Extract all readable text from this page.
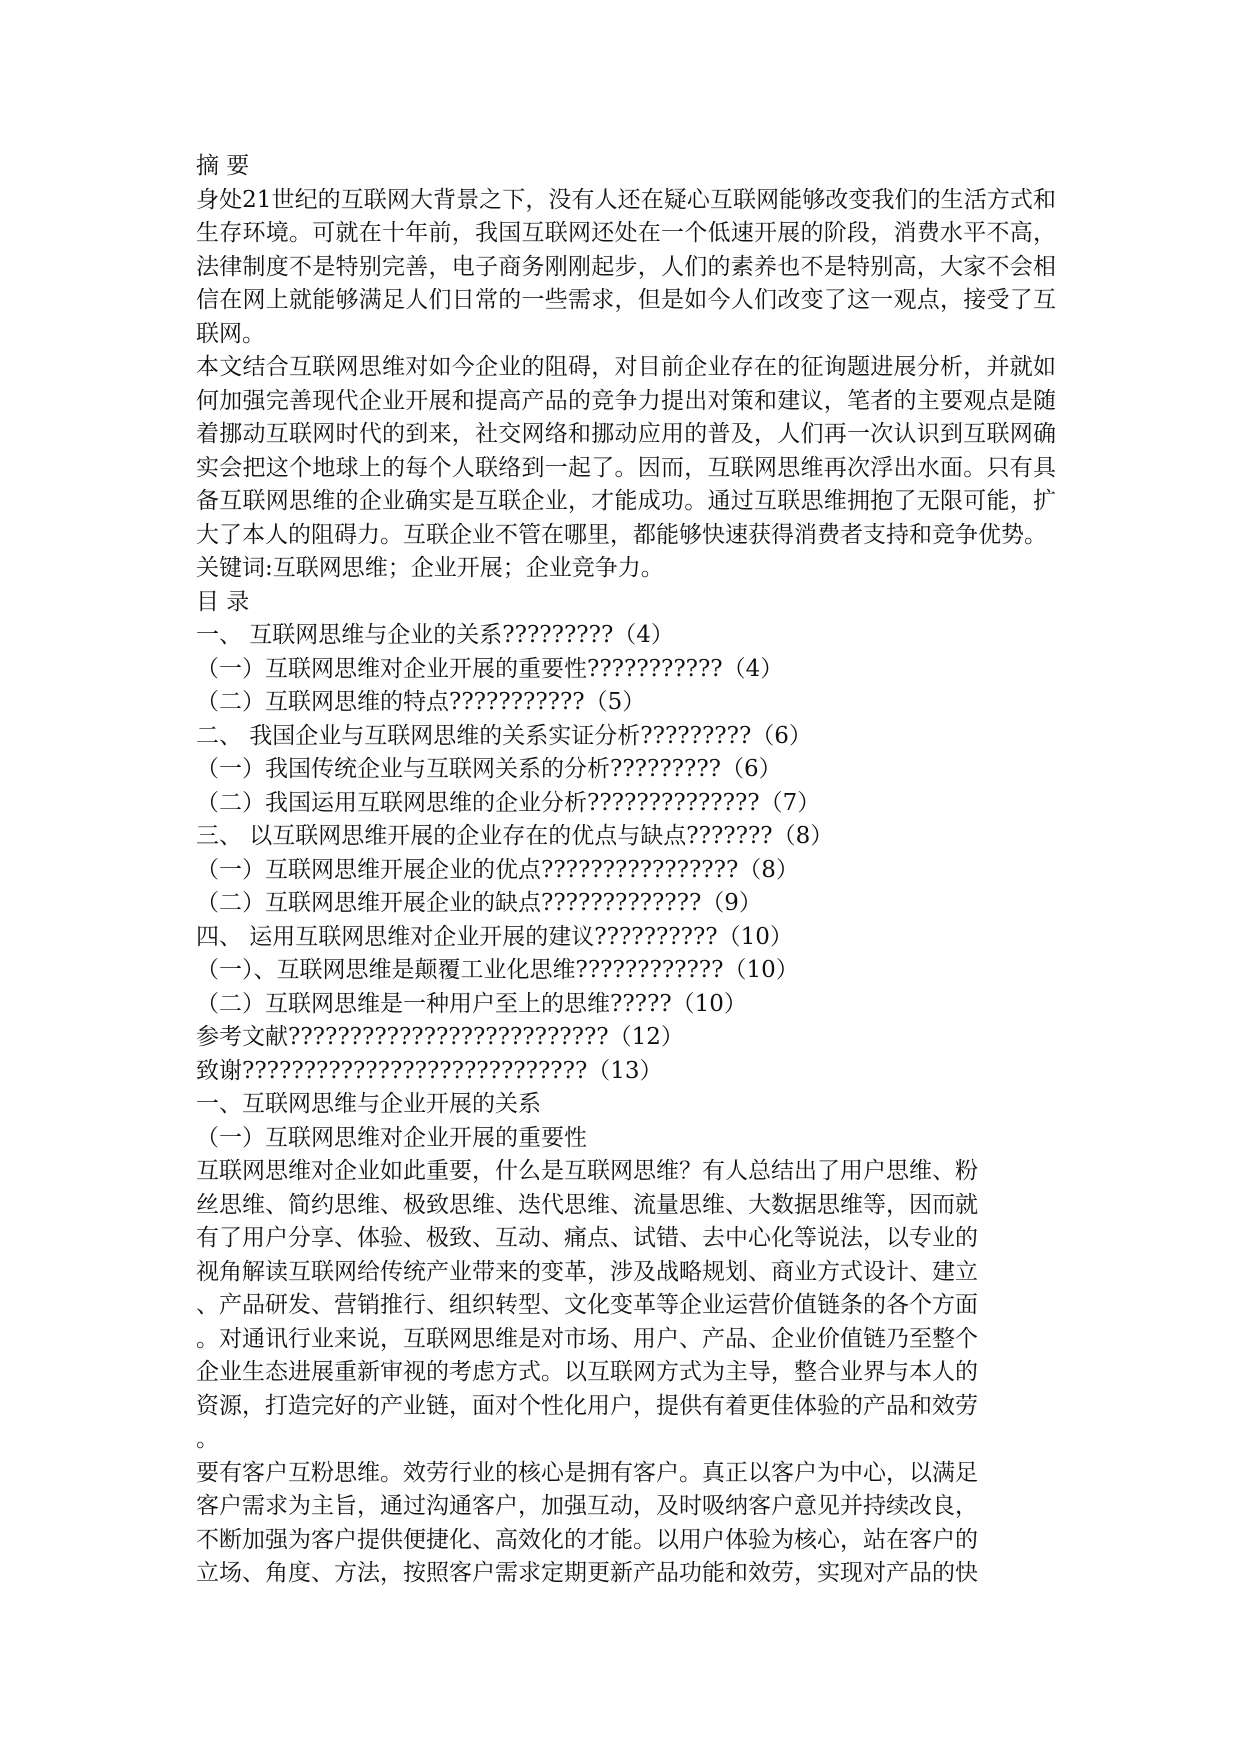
摘 要
身处21世纪的互联网大背景之下，没有人还在疑心互联网能够改变我们的生活方式和生存环境。可就在十年前，我国互联网还处在一个低速开展的阶段，消费水平不高，法律制度不是特别完善，电子商务刚刚起步，人们的素养也不是特别高，大家不会相信在网上就能够满足人们日常的一些需求，但是如今人们改变了这一观点，接受了互联网。
本文结合互联网思维对如今企业的阻碍，对目前企业存在的征询题进展分析，并就如何加强完善现代企业开展和提高产品的竞争力提出对策和建议，笔者的主要观点是随着挪动互联网时代的到来，社交网络和挪动应用的普及，人们再一次认识到互联网确实会把这个地球上的每个人联络到一起了。因而，互联网思维再次浮出水面。只有具备互联网思维的企业确实是互联企业，才能成功。通过互联思维拥抱了无限可能，扩大了本人的阻碍力。互联企业不管在哪里，都能够快速获得消费者支持和竞争优势。
关键词:互联网思维；企业开展；企业竞争力。
目 录
一、 互联网思维与企业的关系?????????（4）
（一）互联网思维对企业开展的重要性???????????（4）
（二）互联网思维的特点???????????（5）
二、 我国企业与互联网思维的关系实证分析?????????（6）
（一）我国传统企业与互联网关系的分析?????????（6）
（二）我国运用互联网思维的企业分析??????????????（7）
三、 以互联网思维开展的企业存在的优点与缺点???????（8）
（一）互联网思维开展企业的优点????????????????（8）
（二）互联网思维开展企业的缺点?????????????（9）
四、 运用互联网思维对企业开展的建议??????????（10）
（一）、互联网思维是颠覆工业化思维????????????（10）
（二）互联网思维是一种用户至上的思维?????（10）
参考文献??????????????????????????（12）
致谢????????????????????????????（13）
一、互联网思维与企业开展的关系
（一）互联网思维对企业开展的重要性
互联网思维对企业如此重要，什么是互联网思维？有人总结出了用户思维、粉
丝思维、简约思维、极致思维、迭代思维、流量思维、大数据思维等，因而就
有了用户分享、体验、极致、互动、痛点、试错、去中心化等说法，以专业的
视角解读互联网给传统产业带来的变革，涉及战略规划、商业方式设计、建立
、产品研发、营销推行、组织转型、文化变革等企业运营价值链条的各个方面
。对通讯行业来说，互联网思维是对市场、用户、产品、企业价值链乃至整个
企业生态进展重新审视的考虑方式。以互联网方式为主导，整合业界与本人的
资源，打造完好的产业链，面对个性化用户，提供有着更佳体验的产品和效劳
。
要有客户互粉思维。效劳行业的核心是拥有客户。真正以客户为中心，以满足
客户需求为主旨，通过沟通客户，加强互动，及时吸纳客户意见并持续改良，
不断加强为客户提供便捷化、高效化的才能。以用户体验为核心，站在客户的
立场、角度、方法，按照客户需求定期更新产品功能和效劳，实现对产品的快
